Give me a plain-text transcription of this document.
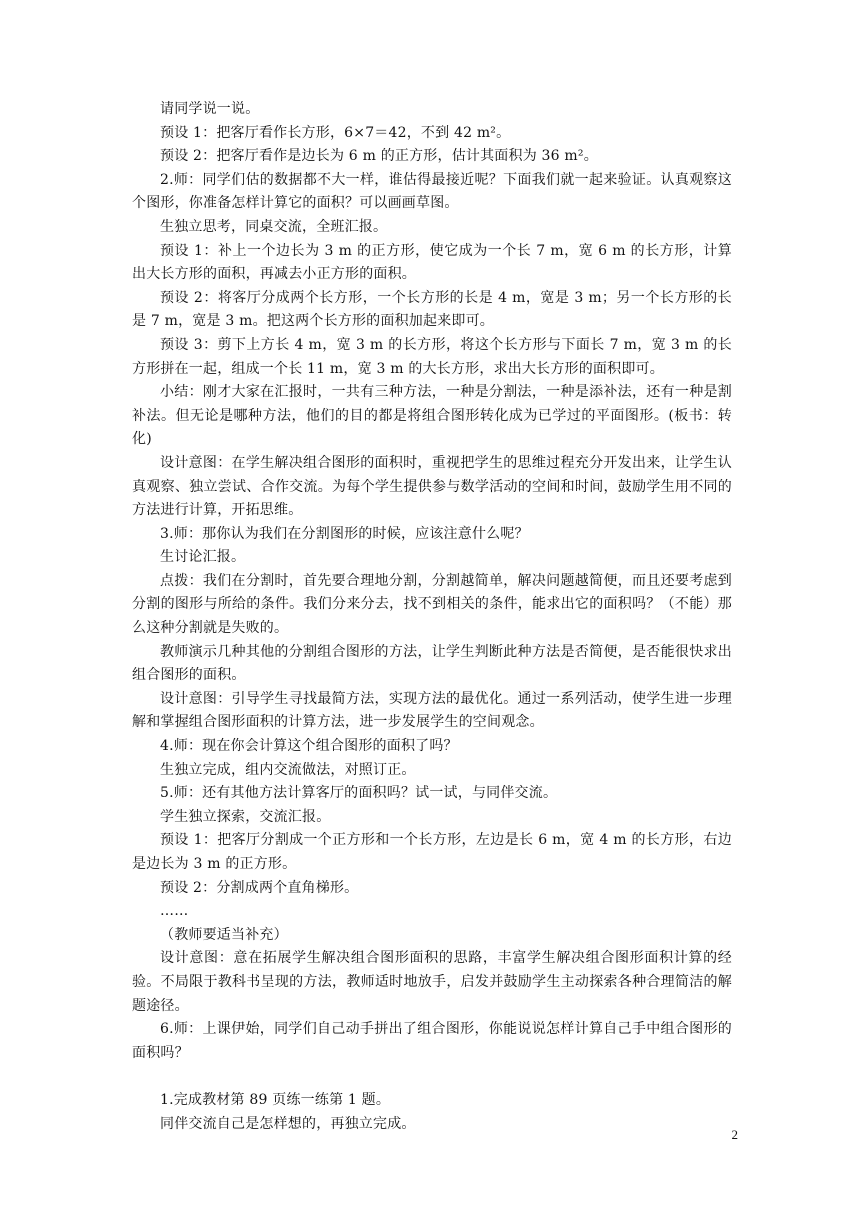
请同学说一说。

预设 1：把客厅看作长方形，6×7＝42，不到 42 m²。

预设 2：把客厅看作是边长为 6 m 的正方形，估计其面积为 36 m²。

2.师：同学们估的数据都不大一样，谁估得最接近呢？下面我们就一起来验证。认真观察这个图形，你准备怎样计算它的面积？可以画画草图。

生独立思考，同桌交流，全班汇报。

预设 1：补上一个边长为 3 m 的正方形，使它成为一个长 7 m，宽 6 m 的长方形，计算出大长方形的面积，再减去小正方形的面积。

预设 2：将客厅分成两个长方形，一个长方形的长是 4 m，宽是 3 m；另一个长方形的长是 7 m，宽是 3 m。把这两个长方形的面积加起来即可。

预设 3：剪下上方长 4 m，宽 3 m 的长方形，将这个长方形与下面长 7 m，宽 3 m 的长方形拼在一起，组成一个长 11 m，宽 3 m 的大长方形，求出大长方形的面积即可。

小结：刚才大家在汇报时，一共有三种方法，一种是分割法，一种是添补法，还有一种是割补法。但无论是哪种方法，他们的目的都是将组合图形转化成为已学过的平面图形。(板书：转化)

设计意图：在学生解决组合图形的面积时，重视把学生的思维过程充分开发出来，让学生认真观察、独立尝试、合作交流。为每个学生提供参与数学活动的空间和时间，鼓励学生用不同的方法进行计算，开拓思维。

3.师：那你认为我们在分割图形的时候，应该注意什么呢？

生讨论汇报。

点拨：我们在分割时，首先要合理地分割，分割越简单，解决问题越简便，而且还要考虑到分割的图形与所给的条件。我们分来分去，找不到相关的条件，能求出它的面积吗？（不能）那么这种分割就是失败的。

教师演示几种其他的分割组合图形的方法，让学生判断此种方法是否简便，是否能很快求出组合图形的面积。

设计意图：引导学生寻找最简方法，实现方法的最优化。通过一系列活动，使学生进一步理解和掌握组合图形面积的计算方法，进一步发展学生的空间观念。

4.师：现在你会计算这个组合图形的面积了吗？

生独立完成，组内交流做法，对照订正。

5.师：还有其他方法计算客厅的面积吗？试一试，与同伴交流。

学生独立探索，交流汇报。

预设 1：把客厅分割成一个正方形和一个长方形，左边是长 6 m，宽 4 m 的长方形，右边是边长为 3 m 的正方形。

预设 2：分割成两个直角梯形。

……

（教师要适当补充）

设计意图：意在拓展学生解决组合图形面积的思路，丰富学生解决组合图形面积计算的经验。不局限于教科书呈现的方法，教师适时地放手，启发并鼓励学生主动探索各种合理简洁的解题途径。

6.师：上课伊始，同学们自己动手拼出了组合图形，你能说说怎样计算自己手中组合图形的面积吗？

1.完成教材第 89 页练一练第 1 题。

同伴交流自己是怎样想的，再独立完成。

2
